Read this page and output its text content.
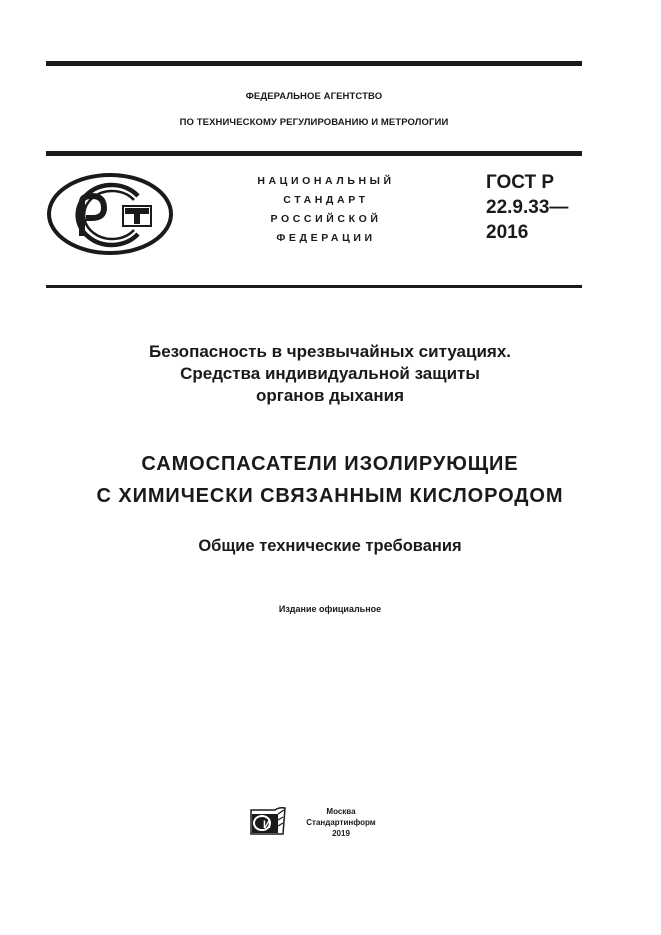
ФЕДЕРАЛЬНОЕ АГЕНТСТВО
ПО ТЕХНИЧЕСКОМУ РЕГУЛИРОВАНИЮ И МЕТРОЛОГИИ
НАЦИОНАЛЬНЫЙ
СТАНДАРТ
РОССИЙСКОЙ
ФЕДЕРАЦИИ
ГОСТ Р
22.9.33—
2016
Безопасность в чрезвычайных ситуациях.
Средства индивидуальной защиты
органов дыхания
САМОСПАСАТЕЛИ ИЗОЛИРУЮЩИЕ
С ХИМИЧЕСКИ СВЯЗАННЫМ КИСЛОРОДОМ
Общие технические требования
Издание официальное
И
Москва
Стандартинформ
2019
